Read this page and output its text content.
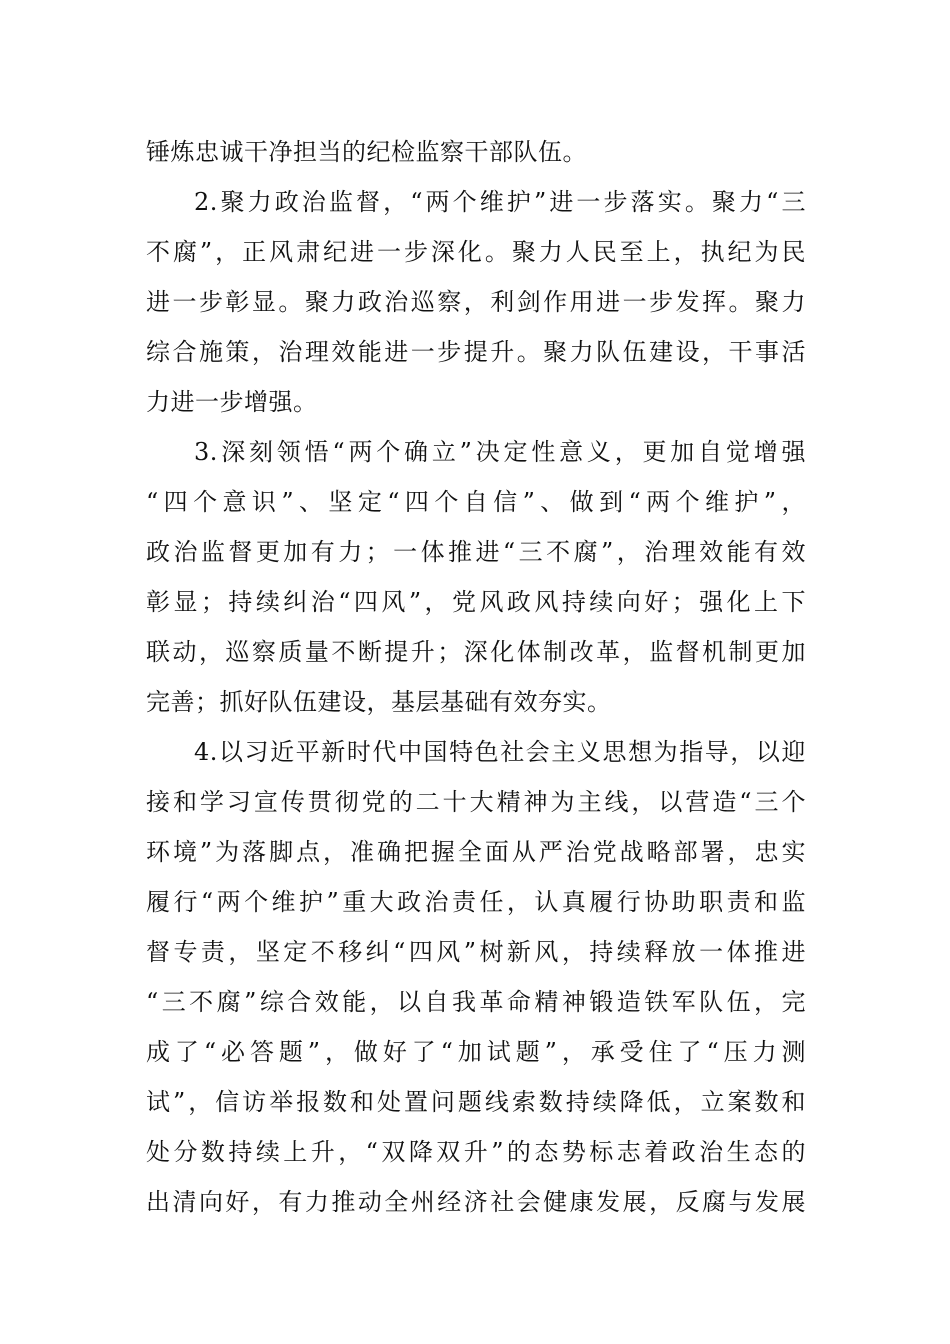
锤炼忠诚干净担当的纪检监察干部队伍。
2.聚力政治监督，“两个维护”进一步落实。聚力“三
不腐”，正风肃纪进一步深化。聚力人民至上，执纪为民
进一步彰显。聚力政治巡察，利剑作用进一步发挥。聚力
综合施策，治理效能进一步提升。聚力队伍建设，干事活
力进一步增强。
3.深刻领悟“两个确立”决定性意义，更加自觉增强
“四个意识”、坚定“四个自信”、做到“两个维护”，
政治监督更加有力；一体推进“三不腐”，治理效能有效
彰显；持续纠治“四风”，党风政风持续向好；强化上下
联动，巡察质量不断提升；深化体制改革，监督机制更加
完善；抓好队伍建设，基层基础有效夯实。
4.以习近平新时代中国特色社会主义思想为指导，以迎
接和学习宣传贯彻党的二十大精神为主线，以营造“三个
环境”为落脚点，准确把握全面从严治党战略部署，忠实
履行“两个维护”重大政治责任，认真履行协助职责和监
督专责，坚定不移纠“四风”树新风，持续释放一体推进
“三不腐”综合效能，以自我革命精神锻造铁军队伍，完
成了“必答题”，做好了“加试题”，承受住了“压力测
试”，信访举报数和处置问题线索数持续降低，立案数和
处分数持续上升，“双降双升”的态势标志着政治生态的
出清向好，有力推动全州经济社会健康发展，反腐与发展
